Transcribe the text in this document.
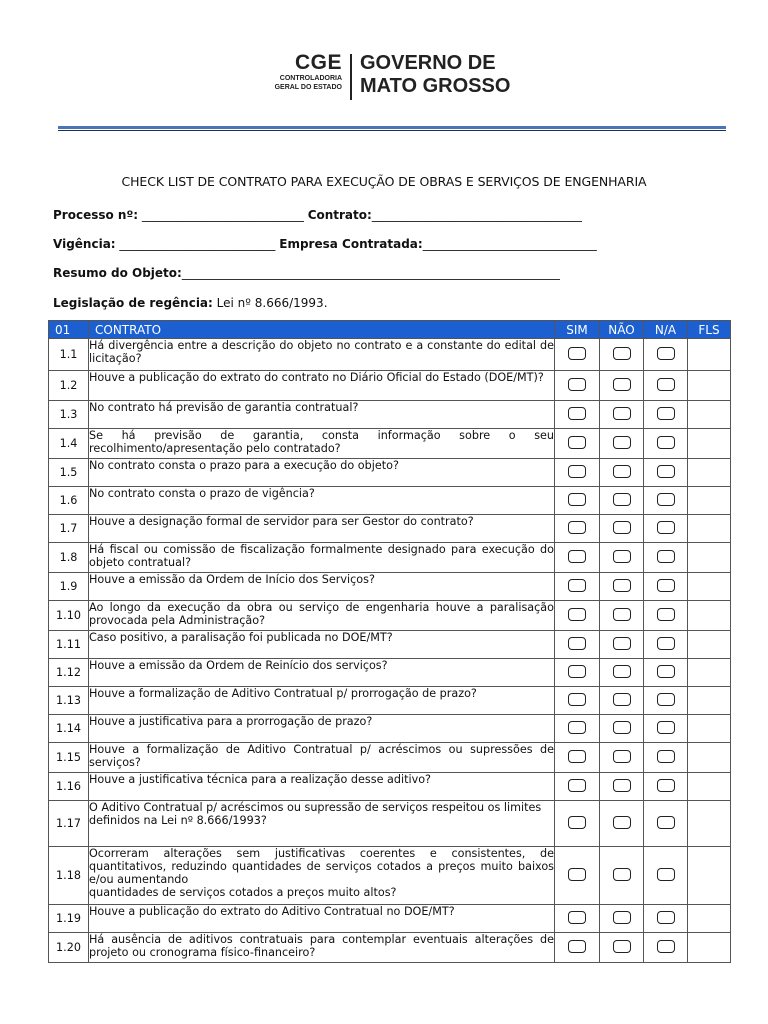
CGE
CONTROLADORIA
GERAL DO ESTADO
GOVERNO DE
MATO GROSSO
CHECK LIST DE CONTRATO PARA EXECUÇÃO DE OBRAS E SERVIÇOS DE ENGENHARIA
Processo nº: ___________________________ Contrato:___________________________________
Vigência: __________________________ Empresa Contratada:_____________________________
Resumo do Objeto:_______________________________________________________________
Legislação de regência: Lei nº 8.666/1993.
01	CONTRATO	SIM	NÃO	N/A	FLS
1.1	Há divergência entre a descrição do objeto no contrato e a constante do edital de licitação?				
1.2	Houve a publicação do extrato do contrato no Diário Oficial do Estado (DOE/MT)?				
1.3	No contrato há previsão de garantia contratual?				
1.4	Se há previsão de garantia, consta informação sobre o seu recolhimento/apresentação pelo contratado?				
1.5	No contrato consta o prazo para a execução do objeto?				
1.6	No contrato consta o prazo de vigência?				
1.7	Houve a designação formal de servidor para ser Gestor do contrato?				
1.8	Há fiscal ou comissão de fiscalização formalmente designado para execução do objeto contratual?				
1.9	Houve a emissão da Ordem de Início dos Serviços?				
1.10	Ao longo da execução da obra ou serviço de engenharia houve a paralisação provocada pela Administração?				
1.11	Caso positivo, a paralisação foi publicada no DOE/MT?				
1.12	Houve a emissão da Ordem de Reinício dos serviços?				
1.13	Houve a formalização de Aditivo Contratual p/ prorrogação de prazo?				
1.14	Houve a justificativa para a prorrogação de prazo?				
1.15	Houve a formalização de Aditivo Contratual p/ acréscimos ou supressões de serviços?				
1.16	Houve a justificativa técnica para a realização desse aditivo?				
1.17	O Aditivo Contratual p/ acréscimos ou supressão de serviços respeitou os limites
definidos na Lei nº 8.666/1993?				
1.18	Ocorreram alterações sem justificativas coerentes e consistentes, de quantitativos, reduzindo quantidades de serviços cotados a preços muito baixos e/ou aumentando
quantidades de serviços cotados a preços muito altos?				
1.19	Houve a publicação do extrato do Aditivo Contratual no DOE/MT?				
1.20	Há ausência de aditivos contratuais para contemplar eventuais alterações de projeto ou cronograma físico-financeiro?				
